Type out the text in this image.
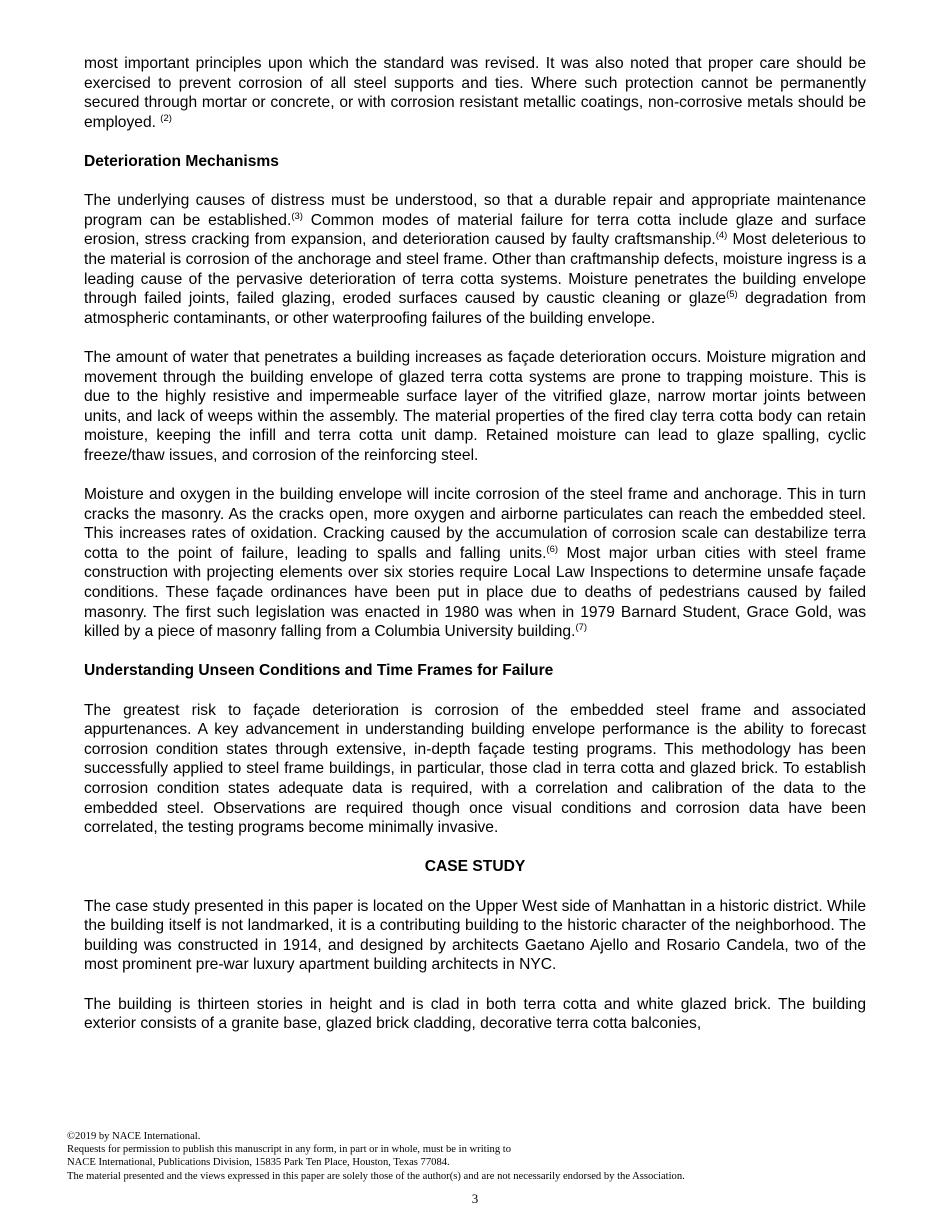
most important principles upon which the standard was revised. It was also noted that proper care should be exercised to prevent corrosion of all steel supports and ties. Where such protection cannot be permanently secured through mortar or concrete, or with corrosion resistant metallic coatings, non-corrosive metals should be employed. $^{(2)}$

Deterioration Mechanisms

The underlying causes of distress must be understood, so that a durable repair and appropriate maintenance program can be established.$^{(3)}$ Common modes of material failure for terra cotta include glaze and surface erosion, stress cracking from expansion, and deterioration caused by faulty craftsmanship.$^{(4)}$ Most deleterious to the material is corrosion of the anchorage and steel frame. Other than craftmanship defects, moisture ingress is a leading cause of the pervasive deterioration of terra cotta systems. Moisture penetrates the building envelope through failed joints, failed glazing, eroded surfaces caused by caustic cleaning or glaze$^{(5)}$ degradation from atmospheric contaminants, or other waterproofing failures of the building envelope.

The amount of water that penetrates a building increases as façade deterioration occurs. Moisture migration and movement through the building envelope of glazed terra cotta systems are prone to trapping moisture. This is due to the highly resistive and impermeable surface layer of the vitrified glaze, narrow mortar joints between units, and lack of weeps within the assembly. The material properties of the fired clay terra cotta body can retain moisture, keeping the infill and terra cotta unit damp. Retained moisture can lead to glaze spalling, cyclic freeze/thaw issues, and corrosion of the reinforcing steel.

Moisture and oxygen in the building envelope will incite corrosion of the steel frame and anchorage. This in turn cracks the masonry. As the cracks open, more oxygen and airborne particulates can reach the embedded steel. This increases rates of oxidation. Cracking caused by the accumulation of corrosion scale can destabilize terra cotta to the point of failure, leading to spalls and falling units.$^{(6)}$ Most major urban cities with steel frame construction with projecting elements over six stories require Local Law Inspections to determine unsafe façade conditions. These façade ordinances have been put in place due to deaths of pedestrians caused by failed masonry. The first such legislation was enacted in 1980 was when in 1979 Barnard Student, Grace Gold, was killed by a piece of masonry falling from a Columbia University building.$^{(7)}$

Understanding Unseen Conditions and Time Frames for Failure

The greatest risk to façade deterioration is corrosion of the embedded steel frame and associated appurtenances. A key advancement in understanding building envelope performance is the ability to forecast corrosion condition states through extensive, in-depth façade testing programs. This methodology has been successfully applied to steel frame buildings, in particular, those clad in terra cotta and glazed brick. To establish corrosion condition states adequate data is required, with a correlation and calibration of the data to the embedded steel. Observations are required though once visual conditions and corrosion data have been correlated, the testing programs become minimally invasive.

CASE STUDY

The case study presented in this paper is located on the Upper West side of Manhattan in a historic district. While the building itself is not landmarked, it is a contributing building to the historic character of the neighborhood. The building was constructed in 1914, and designed by architects Gaetano Ajello and Rosario Candela, two of the most prominent pre-war luxury apartment building architects in NYC.

The building is thirteen stories in height and is clad in both terra cotta and white glazed brick. The building exterior consists of a granite base, glazed brick cladding, decorative terra cotta balconies,

©2019 by NACE International.
Requests for permission to publish this manuscript in any form, in part or in whole, must be in writing to
NACE International, Publications Division, 15835 Park Ten Place, Houston, Texas 77084.
The material presented and the views expressed in this paper are solely those of the author(s) and are not necessarily endorsed by the Association.
3
